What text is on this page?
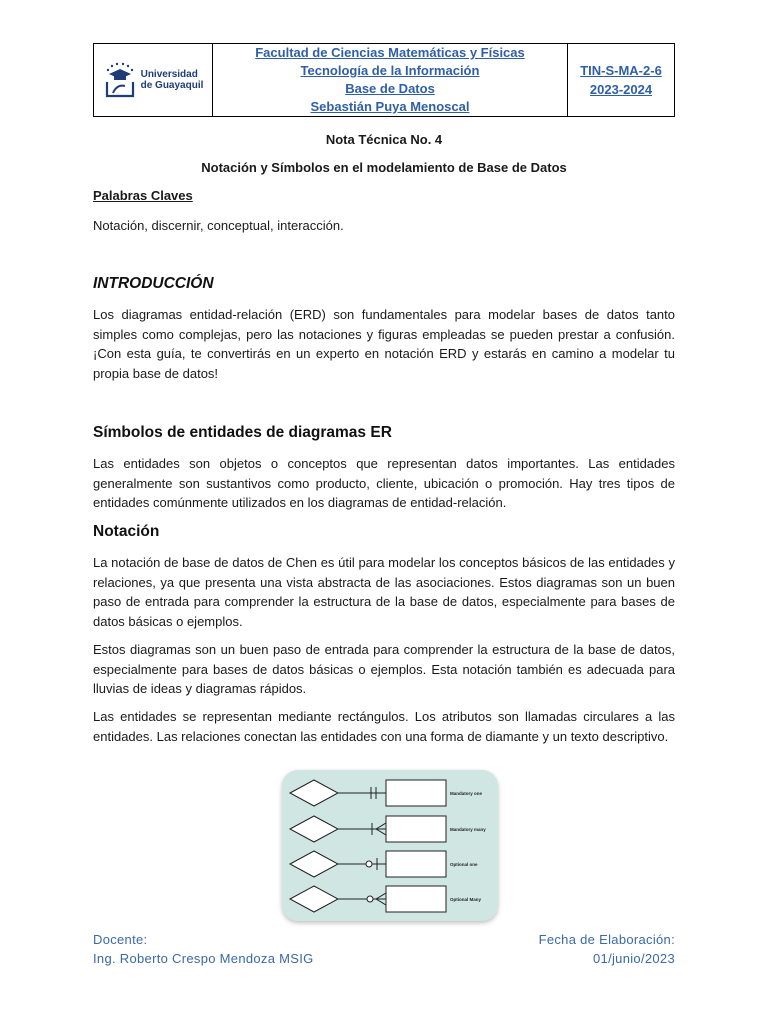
Universidad
de Guayaquil
Facultad de Ciencias Matemáticas y Físicas
Tecnología de la Información
Base de Datos
Sebastián Puya Menoscal
TIN-S-MA-2-6
2023-2024
Nota Técnica No. 4
Notación y Símbolos en el modelamiento de Base de Datos
Palabras Claves
Notación, discernir, conceptual, interacción.
INTRODUCCIÓN
Los diagramas entidad-relación (ERD) son fundamentales para modelar bases de datos tanto simples como complejas, pero las notaciones y figuras empleadas se pueden prestar a confusión. ¡Con esta guía, te convertirás en un experto en notación ERD y estarás en camino a modelar tu propia base de datos!
Símbolos de entidades de diagramas ER
Las entidades son objetos o conceptos que representan datos importantes. Las entidades generalmente son sustantivos como producto, cliente, ubicación o promoción. Hay tres tipos de entidades comúnmente utilizados en los diagramas de entidad-relación.
Notación
La notación de base de datos de Chen es útil para modelar los conceptos básicos de las entidades y relaciones, ya que presenta una vista abstracta de las asociaciones. Estos diagramas son un buen paso de entrada para comprender la estructura de la base de datos, especialmente para bases de datos básicas o ejemplos.
Estos diagramas son un buen paso de entrada para comprender la estructura de la base de datos, especialmente para bases de datos básicas o ejemplos. Esta notación también es adecuada para lluvias de ideas y diagramas rápidos.
Las entidades se representan mediante rectángulos. Los atributos son llamadas circulares a las entidades. Las relaciones conectan las entidades con una forma de diamante y un texto descriptivo.
Mandatory one
Mandatory many
Optional one
Optional Many
Docente:
Ing. Roberto Crespo Mendoza MSIG
Fecha de Elaboración:
01/junio/2023
